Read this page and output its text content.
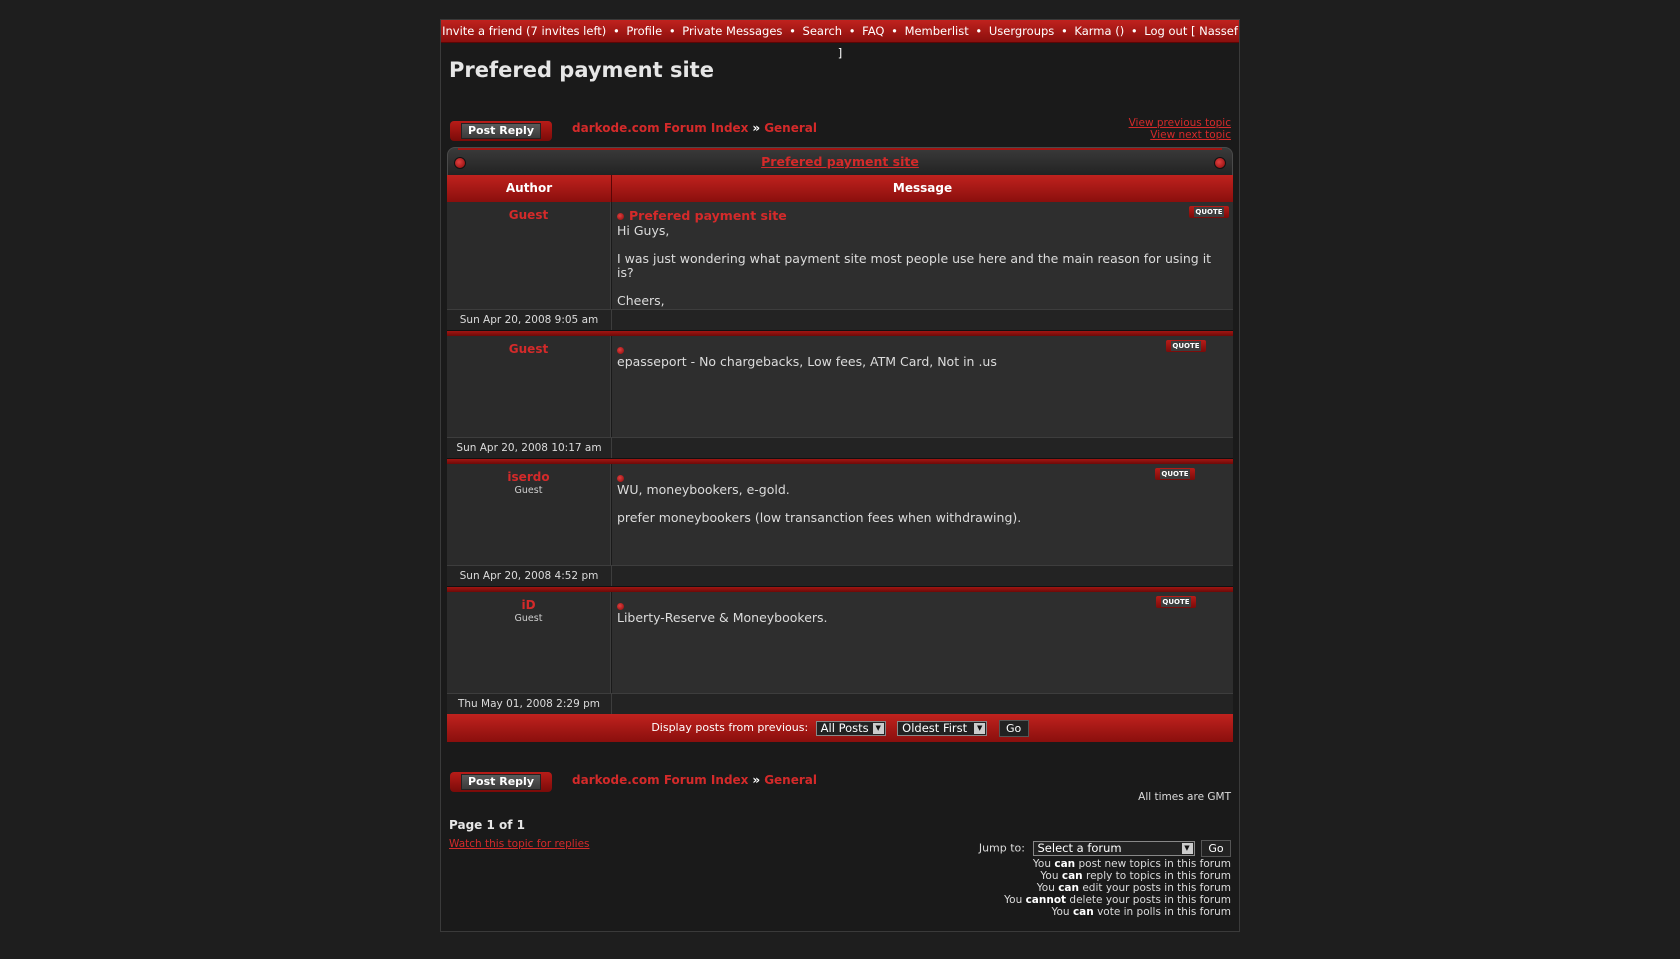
Invite a friend (7 invites left) • Profile • Private Messages • Search • FAQ • Memberlist • Usergroups • Karma () • Log out [ Nassef ]
Prefered payment site
Post Reply	darkode.com Forum Index » General	View previous topic
View next topic
Prefered payment site
Author	Message
Guest	Prefered payment site	QUOTE

Hi Guys,

I was just wondering what payment site most people use here and the main reason for using it is?

Cheers,

Sun Apr 20, 2008 9:05 am
Guest	QUOTE

epasseport - No chargebacks, Low fees, ATM Card, Not in .us

Sun Apr 20, 2008 10:17 am
iserdo
Guest
QUOTE

WU, moneybookers, e-gold.

prefer moneybookers (low transanction fees when withdrawing).

Sun Apr 20, 2008 4:52 pm
iD
Guest
QUOTE

Liberty-Reserve & Moneybookers.

Thu May 01, 2008 2:29 pm
Display posts from previous: All Posts ▼ Oldest First	▼ Go
Post Reply	darkode.com Forum Index » General
All times are GMT
Page 1 of 1
Watch this topic for replies	Jump to: Select a forum	▼ Go
You can post new topics in this forum
You can reply to topics in this forum
You can edit your posts in this forum
You cannot delete your posts in this forum
You can vote in polls in this forum
